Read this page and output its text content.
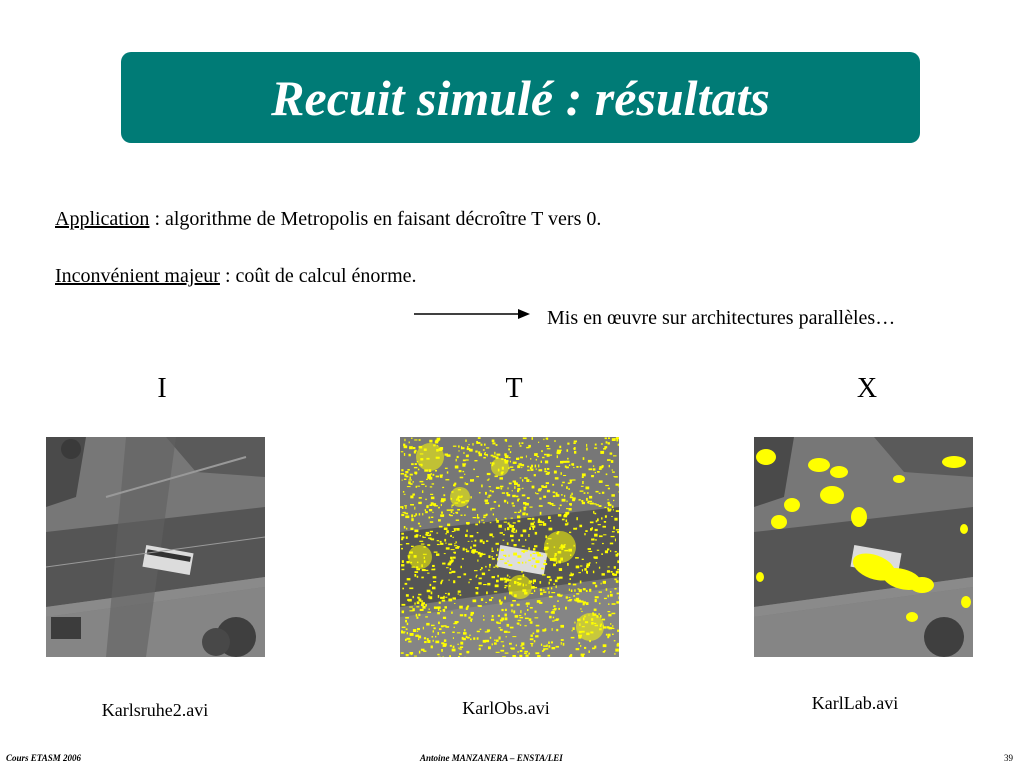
Recuit simulé : résultats
Application : algorithme de Metropolis en faisant décroître T vers 0.
Inconvénient majeur : coût de calcul énorme.
Mis en œuvre sur architectures parallèles…
I	T	X
Karlsruhe2.avi	KarlObs.avi	KarlLab.avi
Cours ETASM 2006	Antoine MANZANERA – ENSTA/LEI	39
